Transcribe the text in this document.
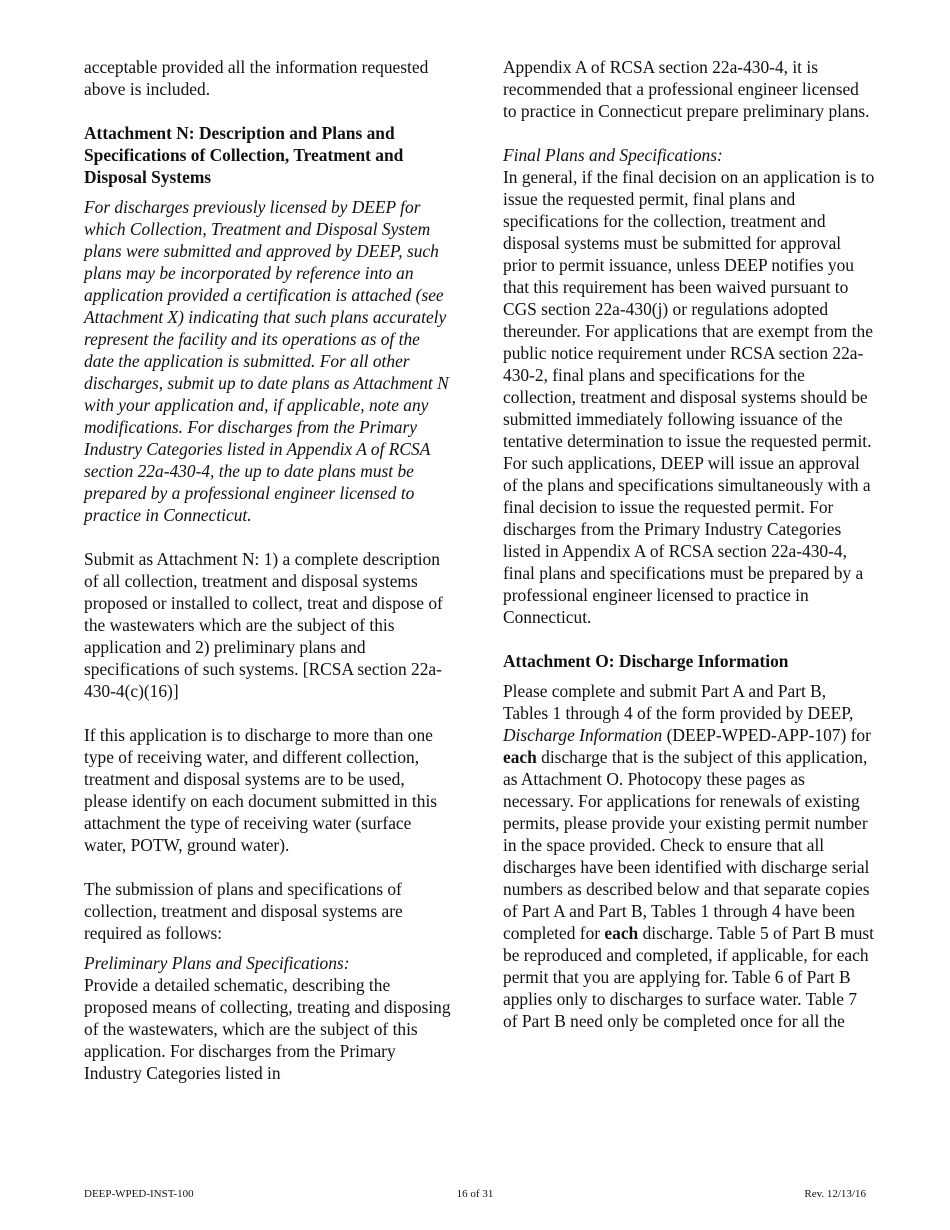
acceptable provided all the information requested above is included.

Attachment N: Description and Plans and Specifications of Collection, Treatment and Disposal Systems

For discharges previously licensed by DEEP for which Collection, Treatment and Disposal System plans were submitted and approved by DEEP, such plans may be incorporated by reference into an application provided a certification is attached (see Attachment X) indicating that such plans accurately represent the facility and its operations as of the date the application is submitted. For all other discharges, submit up to date plans as Attachment N with your application and, if applicable, note any modifications. For discharges from the Primary Industry Categories listed in Appendix A of RCSA section 22a-430-4, the up to date plans must be prepared by a professional engineer licensed to practice in Connecticut.

Submit as Attachment N: 1) a complete description of all collection, treatment and disposal systems proposed or installed to collect, treat and dispose of the wastewaters which are the subject of this application and 2) preliminary plans and specifications of such systems. [RCSA section 22a-430-4(c)(16)]

If this application is to discharge to more than one type of receiving water, and different collection, treatment and disposal systems are to be used, please identify on each document submitted in this attachment the type of receiving water (surface water, POTW, ground water).

The submission of plans and specifications of collection, treatment and disposal systems are required as follows:

Preliminary Plans and Specifications:

Provide a detailed schematic, describing the proposed means of collecting, treating and disposing of the wastewaters, which are the subject of this application. For discharges from the Primary Industry Categories listed in

Appendix A of RCSA section 22a-430-4, it is recommended that a professional engineer licensed to practice in Connecticut prepare preliminary plans.

Final Plans and Specifications:

In general, if the final decision on an application is to issue the requested permit, final plans and specifications for the collection, treatment and disposal systems must be submitted for approval prior to permit issuance, unless DEEP notifies you that this requirement has been waived pursuant to CGS section 22a-430(j) or regulations adopted thereunder. For applications that are exempt from the public notice requirement under RCSA section 22a-430-2, final plans and specifications for the collection, treatment and disposal systems should be submitted immediately following issuance of the tentative determination to issue the requested permit. For such applications, DEEP will issue an approval of the plans and specifications simultaneously with a final decision to issue the requested permit. For discharges from the Primary Industry Categories listed in Appendix A of RCSA section 22a-430-4, final plans and specifications must be prepared by a professional engineer licensed to practice in Connecticut.

Attachment O: Discharge Information

Please complete and submit Part A and Part B, Tables 1 through 4 of the form provided by DEEP, Discharge Information (DEEP-WPED-APP-107) for each discharge that is the subject of this application, as Attachment O. Photocopy these pages as necessary. For applications for renewals of existing permits, please provide your existing permit number in the space provided. Check to ensure that all discharges have been identified with discharge serial numbers as described below and that separate copies of Part A and Part B, Tables 1 through 4 have been completed for each discharge. Table 5 of Part B must be reproduced and completed, if applicable, for each permit that you are applying for. Table 6 of Part B applies only to discharges to surface water. Table 7 of Part B need only be completed once for all the

DEEP-WPED-INST-100	16 of 31	Rev. 12/13/16
